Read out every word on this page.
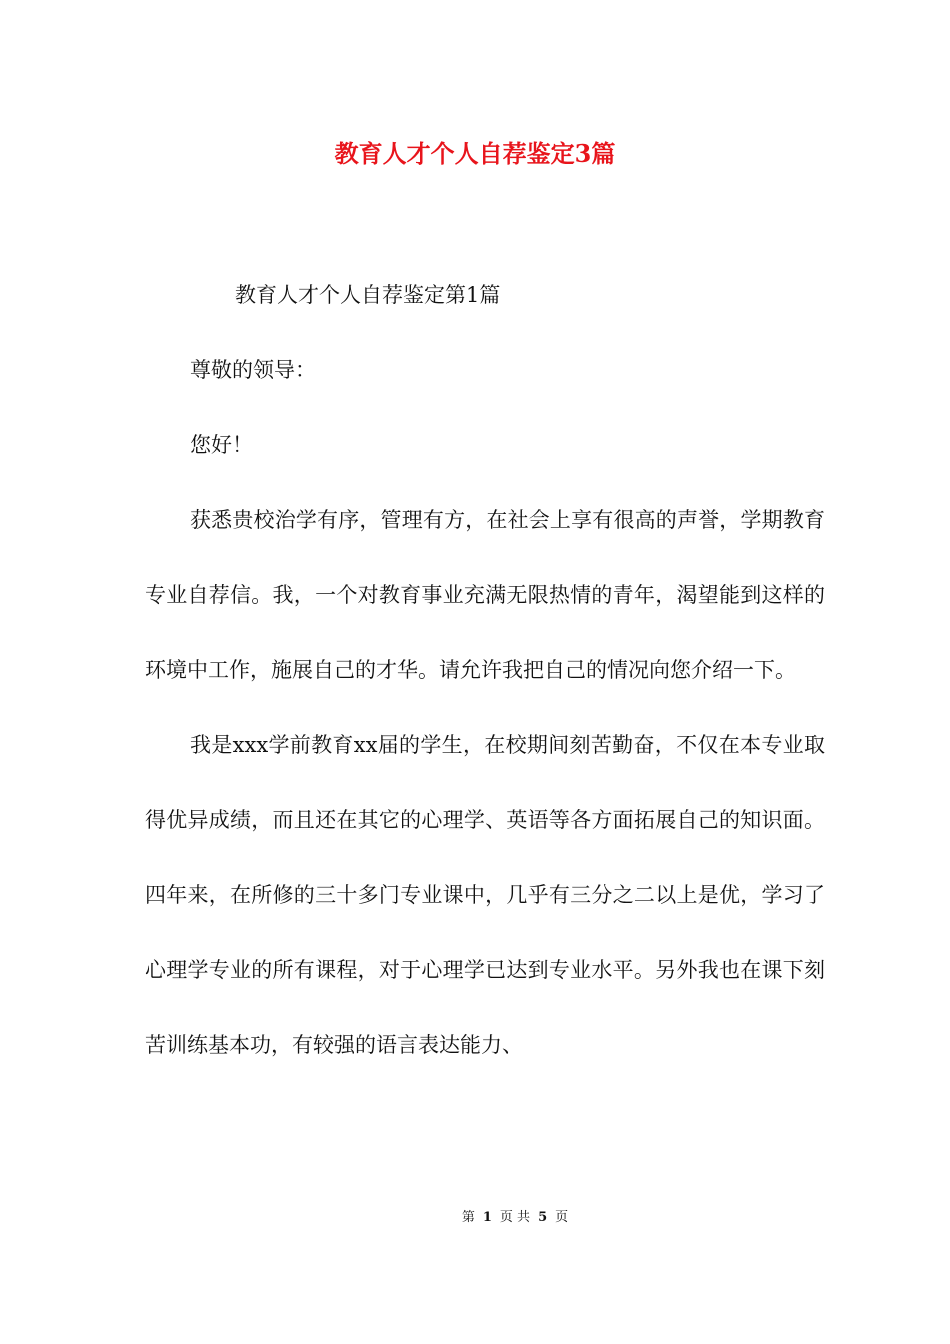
教育人才个人自荐鉴定3篇

教育人才个人自荐鉴定第1篇

尊敬的领导：

您好！

获悉贵校治学有序，管理有方，在社会上享有很高的声誉，学期教育专业自荐信。我，一个对教育事业充满无限热情的青年，渴望能到这样的环境中工作，施展自己的才华。请允许我把自己的情况向您介绍一下。

我是xxx学前教育xx届的学生，在校期间刻苦勤奋，不仅在本专业取得优异成绩，而且还在其它的心理学、英语等各方面拓展自己的知识面。四年来，在所修的三十多门专业课中，几乎有三分之二以上是优，学习了心理学专业的所有课程，对于心理学已达到专业水平。另外我也在课下刻苦训练基本功，有较强的语言表达能力、

第 1 页 共 5 页
